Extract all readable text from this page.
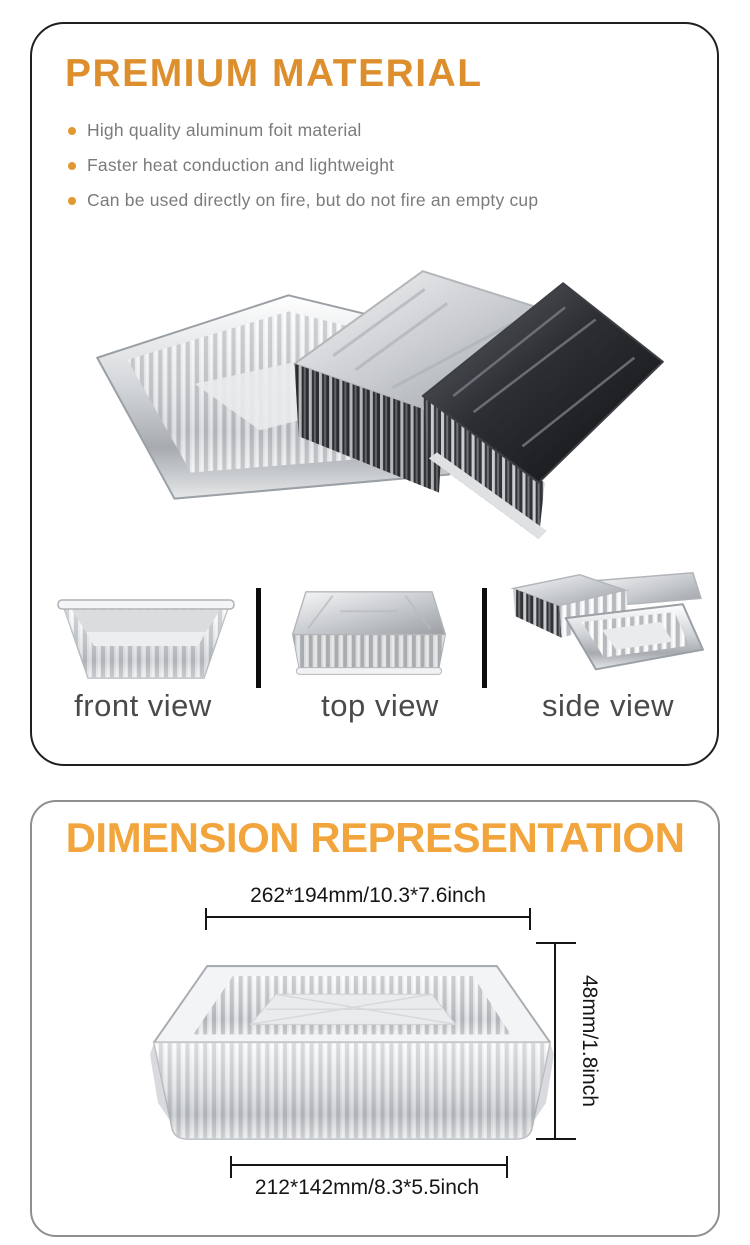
PREMIUM MATERIAL
High quality aluminum foit material
Faster heat conduction and lightweight
Can be used directly on fire, but do not fire an empty cup
front view	top view	side view
DIMENSION REPRESENTATION
262*194mm/10.3*7.6inch
48mm/1.8inch
212*142mm/8.3*5.5inch
